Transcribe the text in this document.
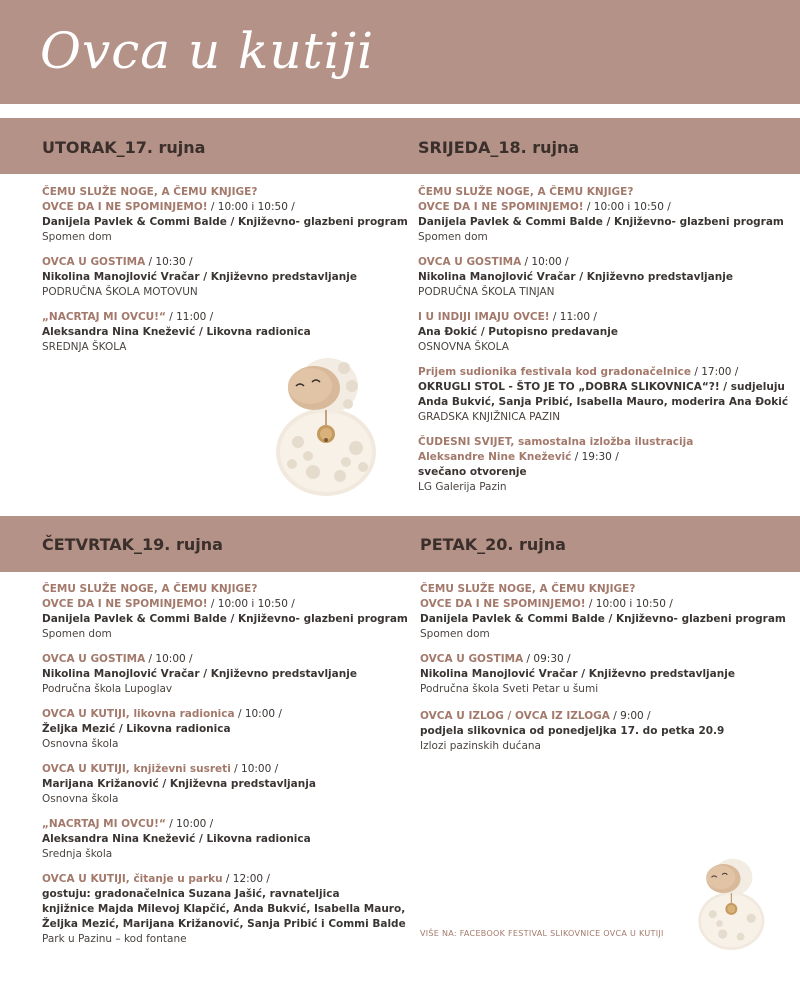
Ovca u kutiji
UTORAK_17. rujna	SRIJEDA_18. rujna
ČETVRTAK_19. rujna	PETAK_20. rujna
ČEMU SLUŽE NOGE, A ČEMU KNJIGE?
OVCE DA I NE SPOMINJEMO! / 10:00 i 10:50 /
Danijela Pavlek & Commi Balde / Književno- glazbeni program
Spomen dom
OVCA U GOSTIMA / 10:30 /
Nikolina Manojlović Vračar / Književno predstavljanje
PODRUČNA ŠKOLA MOTOVUN
„NACRTAJ MI OVCU!“ / 11:00 /
Aleksandra Nina Knežević / Likovna radionica
SREDNJA ŠKOLA
ČEMU SLUŽE NOGE, A ČEMU KNJIGE?
OVCE DA I NE SPOMINJEMO! / 10:00 i 10:50 /
Danijela Pavlek & Commi Balde / Književno- glazbeni program
Spomen dom
OVCA U GOSTIMA / 10:00 /
Nikolina Manojlović Vračar / Književno predstavljanje
PODRUČNA ŠKOLA TINJAN
I U INDIJI IMAJU OVCE! / 11:00 /
Ana Đokić / Putopisno predavanje
OSNOVNA ŠKOLA
Prijem sudionika festivala kod gradonačelnice / 17:00 /
OKRUGLI STOL - ŠTO JE TO „DOBRA SLIKOVNICA“?! / sudjeluju
Anda Bukvić, Sanja Pribić, Isabella Mauro, moderira Ana Đokić
GRADSKA KNJIŽNICA PAZIN
ČUDESNI SVIJET, samostalna izložba ilustracija
Aleksandre Nine Knežević / 19:30 /
svečano otvorenje
LG Galerija Pazin
ČEMU SLUŽE NOGE, A ČEMU KNJIGE?
OVCE DA I NE SPOMINJEMO! / 10:00 i 10:50 /
Danijela Pavlek & Commi Balde / Književno- glazbeni program
Spomen dom
OVCA U GOSTIMA / 10:00 /
Nikolina Manojlović Vračar / Književno predstavljanje
Područna škola Lupoglav
OVCA U KUTIJI, likovna radionica / 10:00 /
Željka Mezić / Likovna radionica
Osnovna škola
OVCA U KUTIJI, književni susreti / 10:00 /
Marijana Križanović / Književna predstavljanja
Osnovna škola
„NACRTAJ MI OVCU!“ / 10:00 /
Aleksandra Nina Knežević / Likovna radionica
Srednja škola
OVCA U KUTIJI, čitanje u parku / 12:00 /
gostuju: gradonačelnica Suzana Jašić, ravnateljica
knjižnice Majda Milevoj Klapčić, Anda Bukvić, Isabella Mauro,
Željka Mezić, Marijana Križanović, Sanja Pribić i Commi Balde
Park u Pazinu – kod fontane
ČEMU SLUŽE NOGE, A ČEMU KNJIGE?
OVCE DA I NE SPOMINJEMO! / 10:00 i 10:50 /
Danijela Pavlek & Commi Balde / Književno- glazbeni program
Spomen dom
OVCA U GOSTIMA / 09:30 /
Nikolina Manojlović Vračar / Književno predstavljanje
Područna škola Sveti Petar u šumi
OVCA U IZLOG / OVCA IZ IZLOGA / 9:00 /
podjela slikovnica od ponedjeljka 17. do petka 20.9
Izlozi pazinskih dućana
VIŠE NA: FACEBOOK FESTIVAL SLIKOVNICE OVCA U KUTIJI
